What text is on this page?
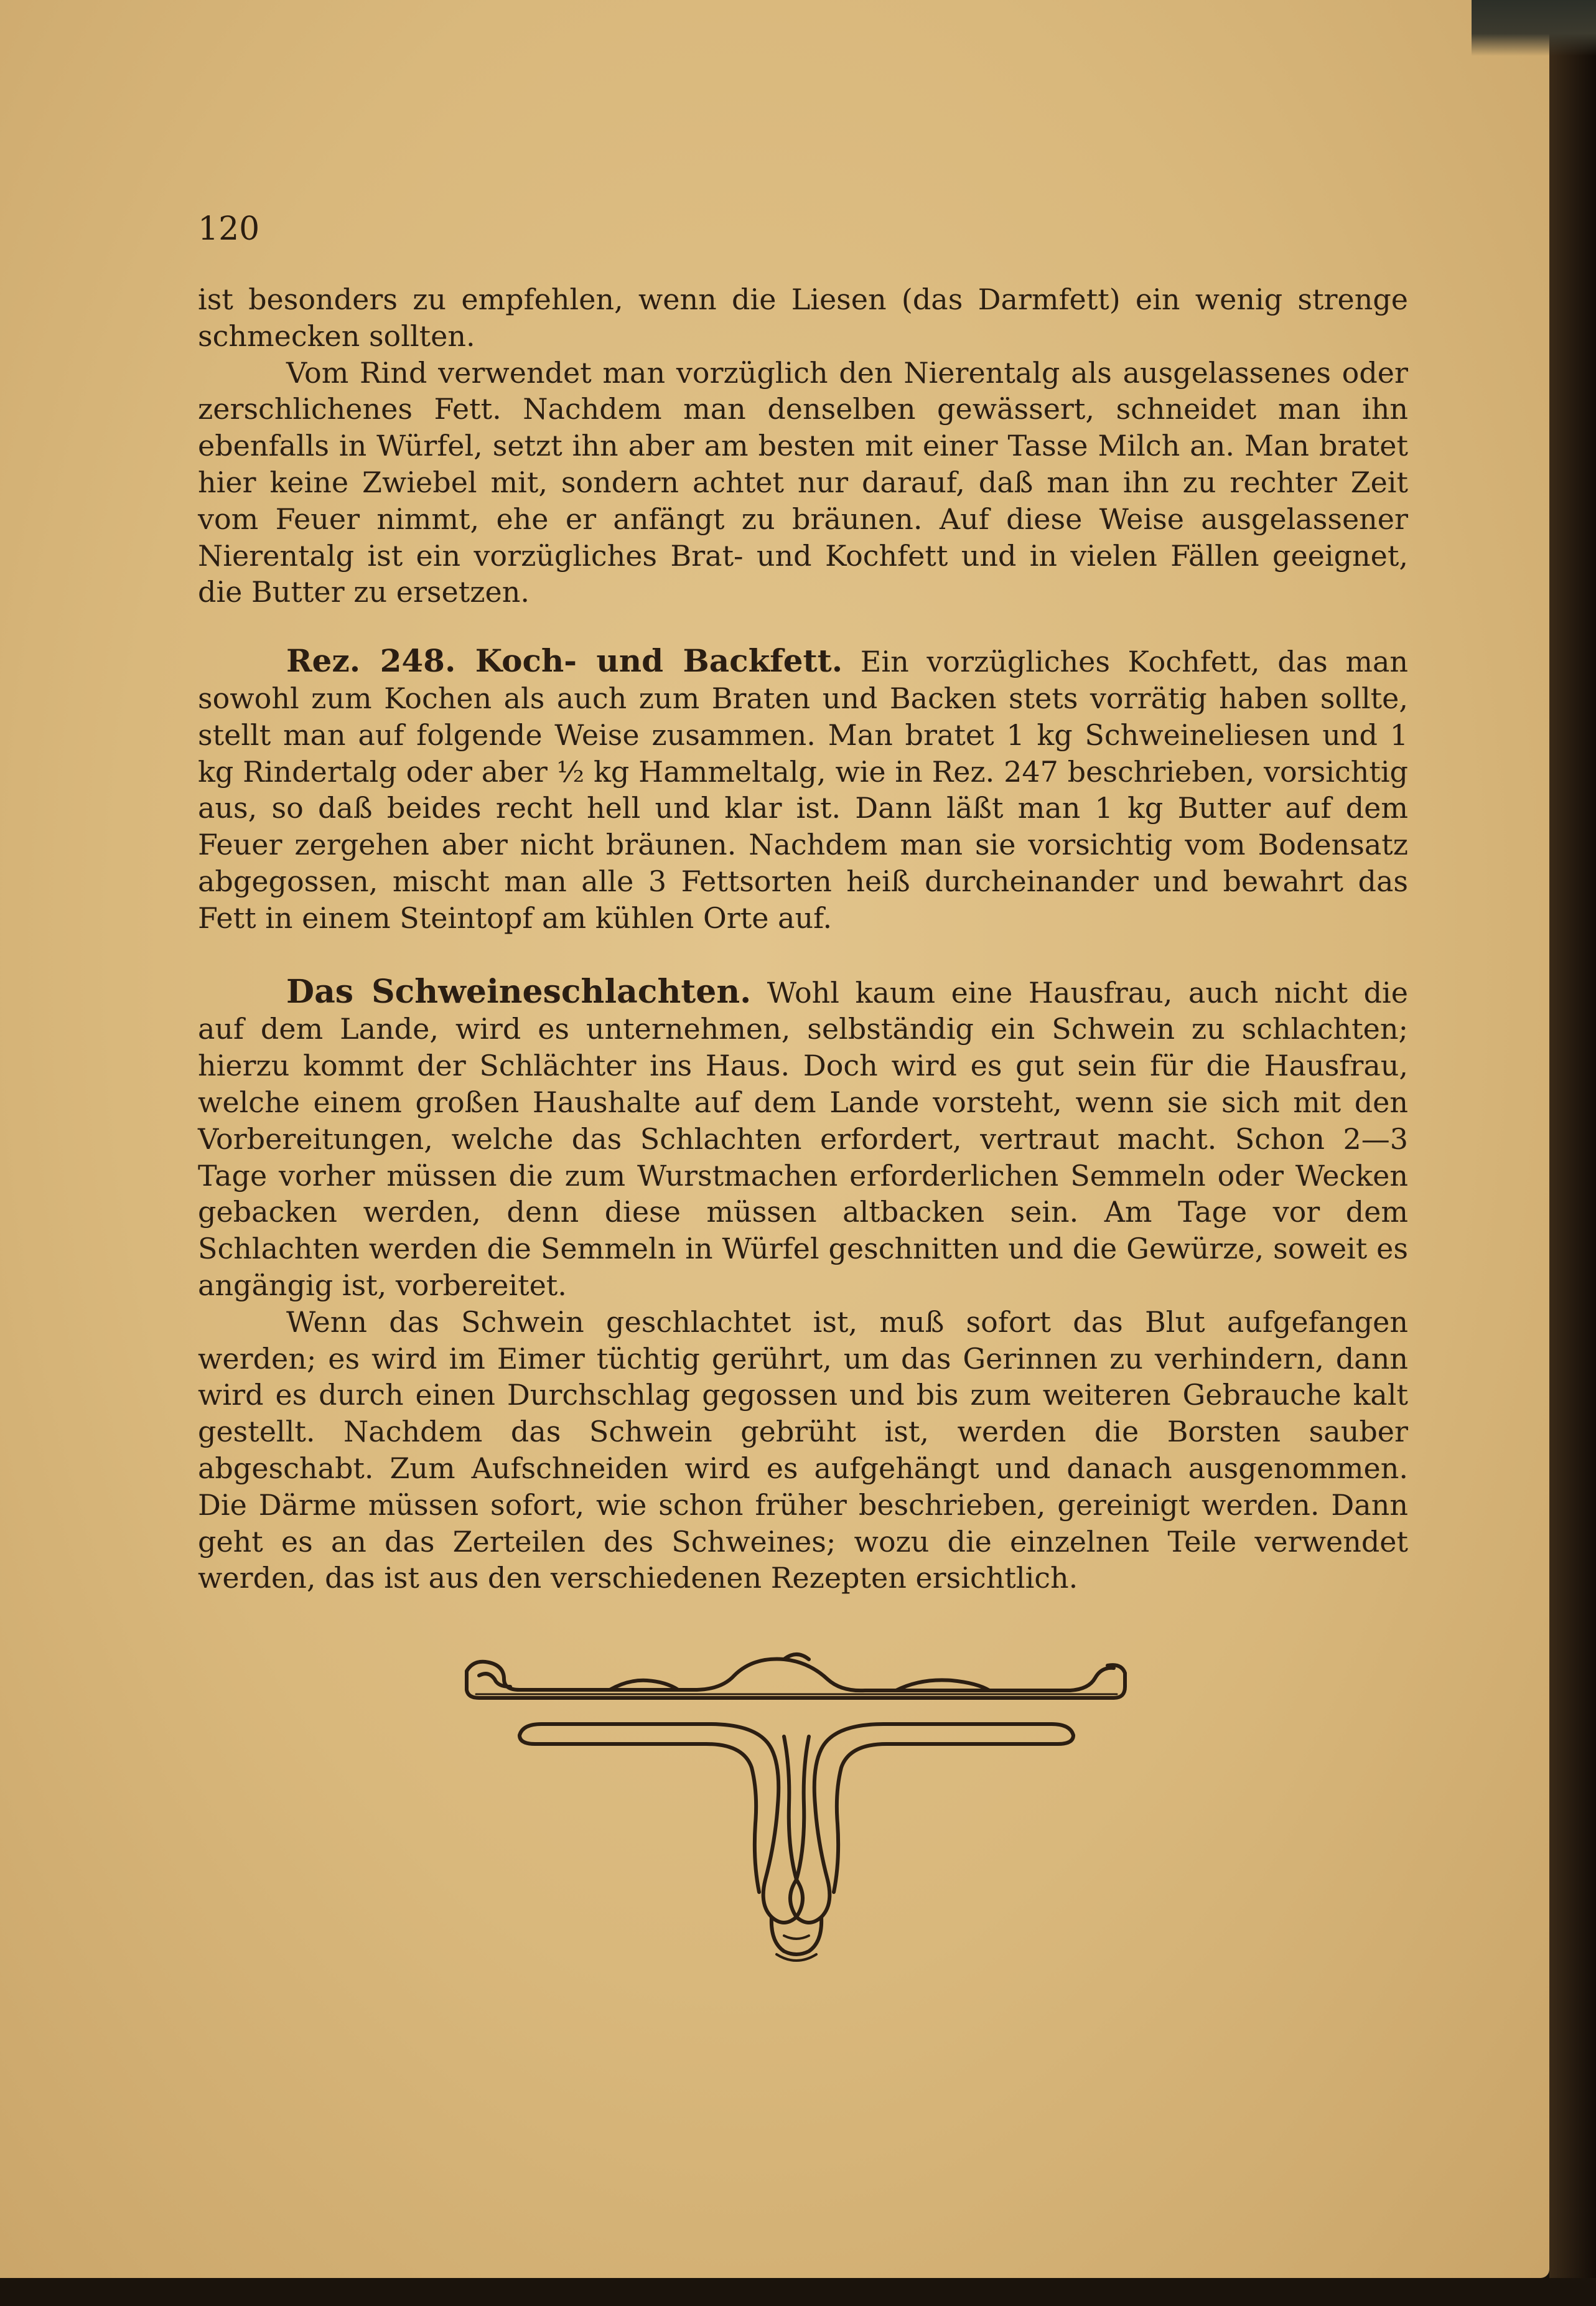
120

ist besonders zu empfehlen, wenn die Liesen (das Darmfett) ein wenig strenge schmecken sollten.

Vom Rind verwendet man vorzüglich den Nierentalg als ausgelassenes oder zerschlichenes Fett. Nachdem man denselben gewässert, schneidet man ihn ebenfalls in Würfel, setzt ihn aber am besten mit einer Tasse Milch an. Man bratet hier keine Zwiebel mit, sondern achtet nur darauf, daß man ihn zu rechter Zeit vom Feuer nimmt, ehe er anfängt zu bräunen. Auf diese Weise ausgelassener Nierentalg ist ein vorzügliches Brat- und Kochfett und in vielen Fällen geeignet, die Butter zu ersetzen.

Rez. 248. Koch- und Backfett. Ein vorzügliches Kochfett, das man sowohl zum Kochen als auch zum Braten und Backen stets vorrätig haben sollte, stellt man auf folgende Weise zusammen. Man bratet 1 kg Schweineliesen und 1 kg Rindertalg oder aber ½ kg Hammeltalg, wie in Rez. 247 beschrieben, vorsichtig aus, so daß beides recht hell und klar ist. Dann läßt man 1 kg Butter auf dem Feuer zergehen aber nicht bräunen. Nachdem man sie vorsichtig vom Bodensatz abgegossen, mischt man alle 3 Fettsorten heiß durcheinander und bewahrt das Fett in einem Steintopf am kühlen Orte auf.

Das Schweineschlachten. Wohl kaum eine Hausfrau, auch nicht die auf dem Lande, wird es unternehmen, selbständig ein Schwein zu schlachten; hierzu kommt der Schlächter ins Haus. Doch wird es gut sein für die Hausfrau, welche einem großen Haushalte auf dem Lande vorsteht, wenn sie sich mit den Vorbereitungen, welche das Schlachten erfordert, vertraut macht. Schon 2—3 Tage vorher müssen die zum Wurstmachen erforderlichen Semmeln oder Wecken gebacken werden, denn diese müssen altbacken sein. Am Tage vor dem Schlachten werden die Semmeln in Würfel geschnitten und die Gewürze, soweit es angängig ist, vorbereitet.

Wenn das Schwein geschlachtet ist, muß sofort das Blut aufgefangen werden; es wird im Eimer tüchtig gerührt, um das Gerinnen zu verhindern, dann wird es durch einen Durchschlag gegossen und bis zum weiteren Gebrauche kalt gestellt. Nachdem das Schwein gebrüht ist, werden die Borsten sauber abgeschabt. Zum Aufschneiden wird es aufgehängt und danach ausgenommen. Die Därme müssen sofort, wie schon früher beschrieben, gereinigt werden. Dann geht es an das Zerteilen des Schweines; wozu die einzelnen Teile verwendet werden, das ist aus den verschiedenen Rezepten ersichtlich.
